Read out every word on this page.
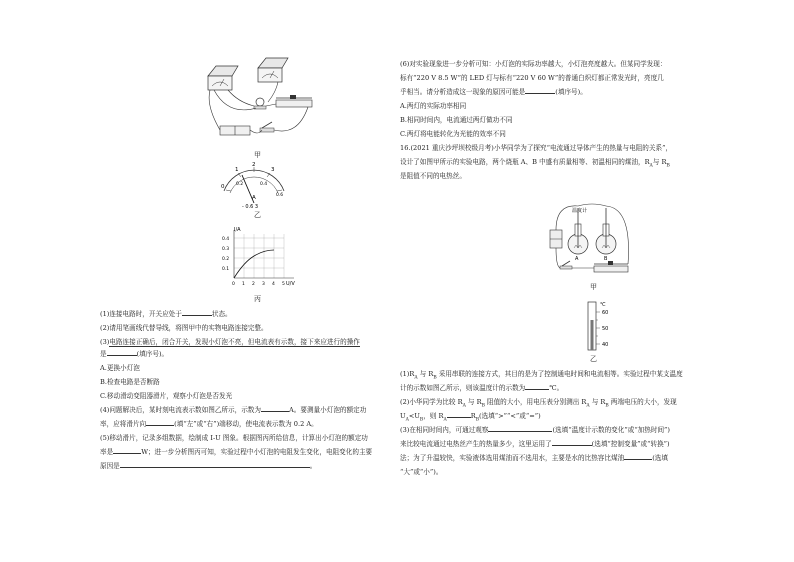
甲
0
1
2
3
0.2	0.4
0.6
A
- 0.6 3
乙
I/A
U/V
0.4
0.3
0.2
0.1
0 1 2 3 4 5
丙
(1)连接电路时，开关应处于	状态。
(2)请用笔画线代替导线，将图甲中的实物电路连接完整。
(3)电路连接正确后，闭合开关，发现小灯泡不亮，但电流表有示数，接下来应进行的操作
是	(填序号)。
A.更换小灯泡
B.检查电路是否断路
C.移动滑动变阻器滑片，观察小灯泡是否发光
(4)问题解决后，某时刻电流表示数如图乙所示，示数为	A。要测量小灯泡的额定功
率，应将滑片向	(填“左”或“右”)端移动，使电流表示数为 0.2 A。
(5)移动滑片，记录多组数据，绘制成 I-U 图象。根据图丙所给信息，计算出小灯泡的额定功
率是	W；进一步分析图丙可知，实验过程中小灯泡的电阻发生变化，电阻变化的主要
原因是	。
(6)对实验现象进一步分析可知：小灯泡的实际功率越大，小灯泡亮度越大。但某同学发现：
标有“220 V 8.5 W”的 LED 灯与标有“220 V 60 W”的普通白炽灯都正常发光时，亮度几
乎相当。请分析造成这一现象的原因可能是	(填序号)。
A.两灯的实际功率相同
B.相同时间内，电流通过两灯做功不同
C.两灯将电能转化为光能的效率不同
16.(2021 重庆沙坪坝校级月考)小华同学为了探究“电流通过导体产生的热量与电阻的关系”，
设计了如图甲所示的实验电路，两个烧瓶 A、B 中盛有质量相等、初温相同的煤油，$R_A$与 $R_B$
是阻值不同的电热丝。
温度计
A	B
甲
℃
60
50
40
乙
$(1)R_A$ 与 $R_B$ 采用串联的连接方式，其目的是为了控制通电时间和电流相等。实验过程中某支温度
计的示数如图乙所示，则该温度计的示数为	℃。
(2)小华同学为比较 $R_A$ 与 $R_B$ 阻值的大小，用电压表分别测出 $R_A$ 与 $R_B$ 两端电压的大小，发现
$U_A<U_B$，则 $R_A$	$R_B$(选填“>”“<”或“=”)
(3)在相同时间内，可通过观察	(选填“温度计示数的变化”或“加热时间”)
来比较电流通过电热丝产生的热量多少，这里运用了	(选填“控制变量”或“转换”)
法；为了升温较快，实验液体选用煤油而不选用水，主要是水的比热容比煤油	(选填
“大”或“小”)。
